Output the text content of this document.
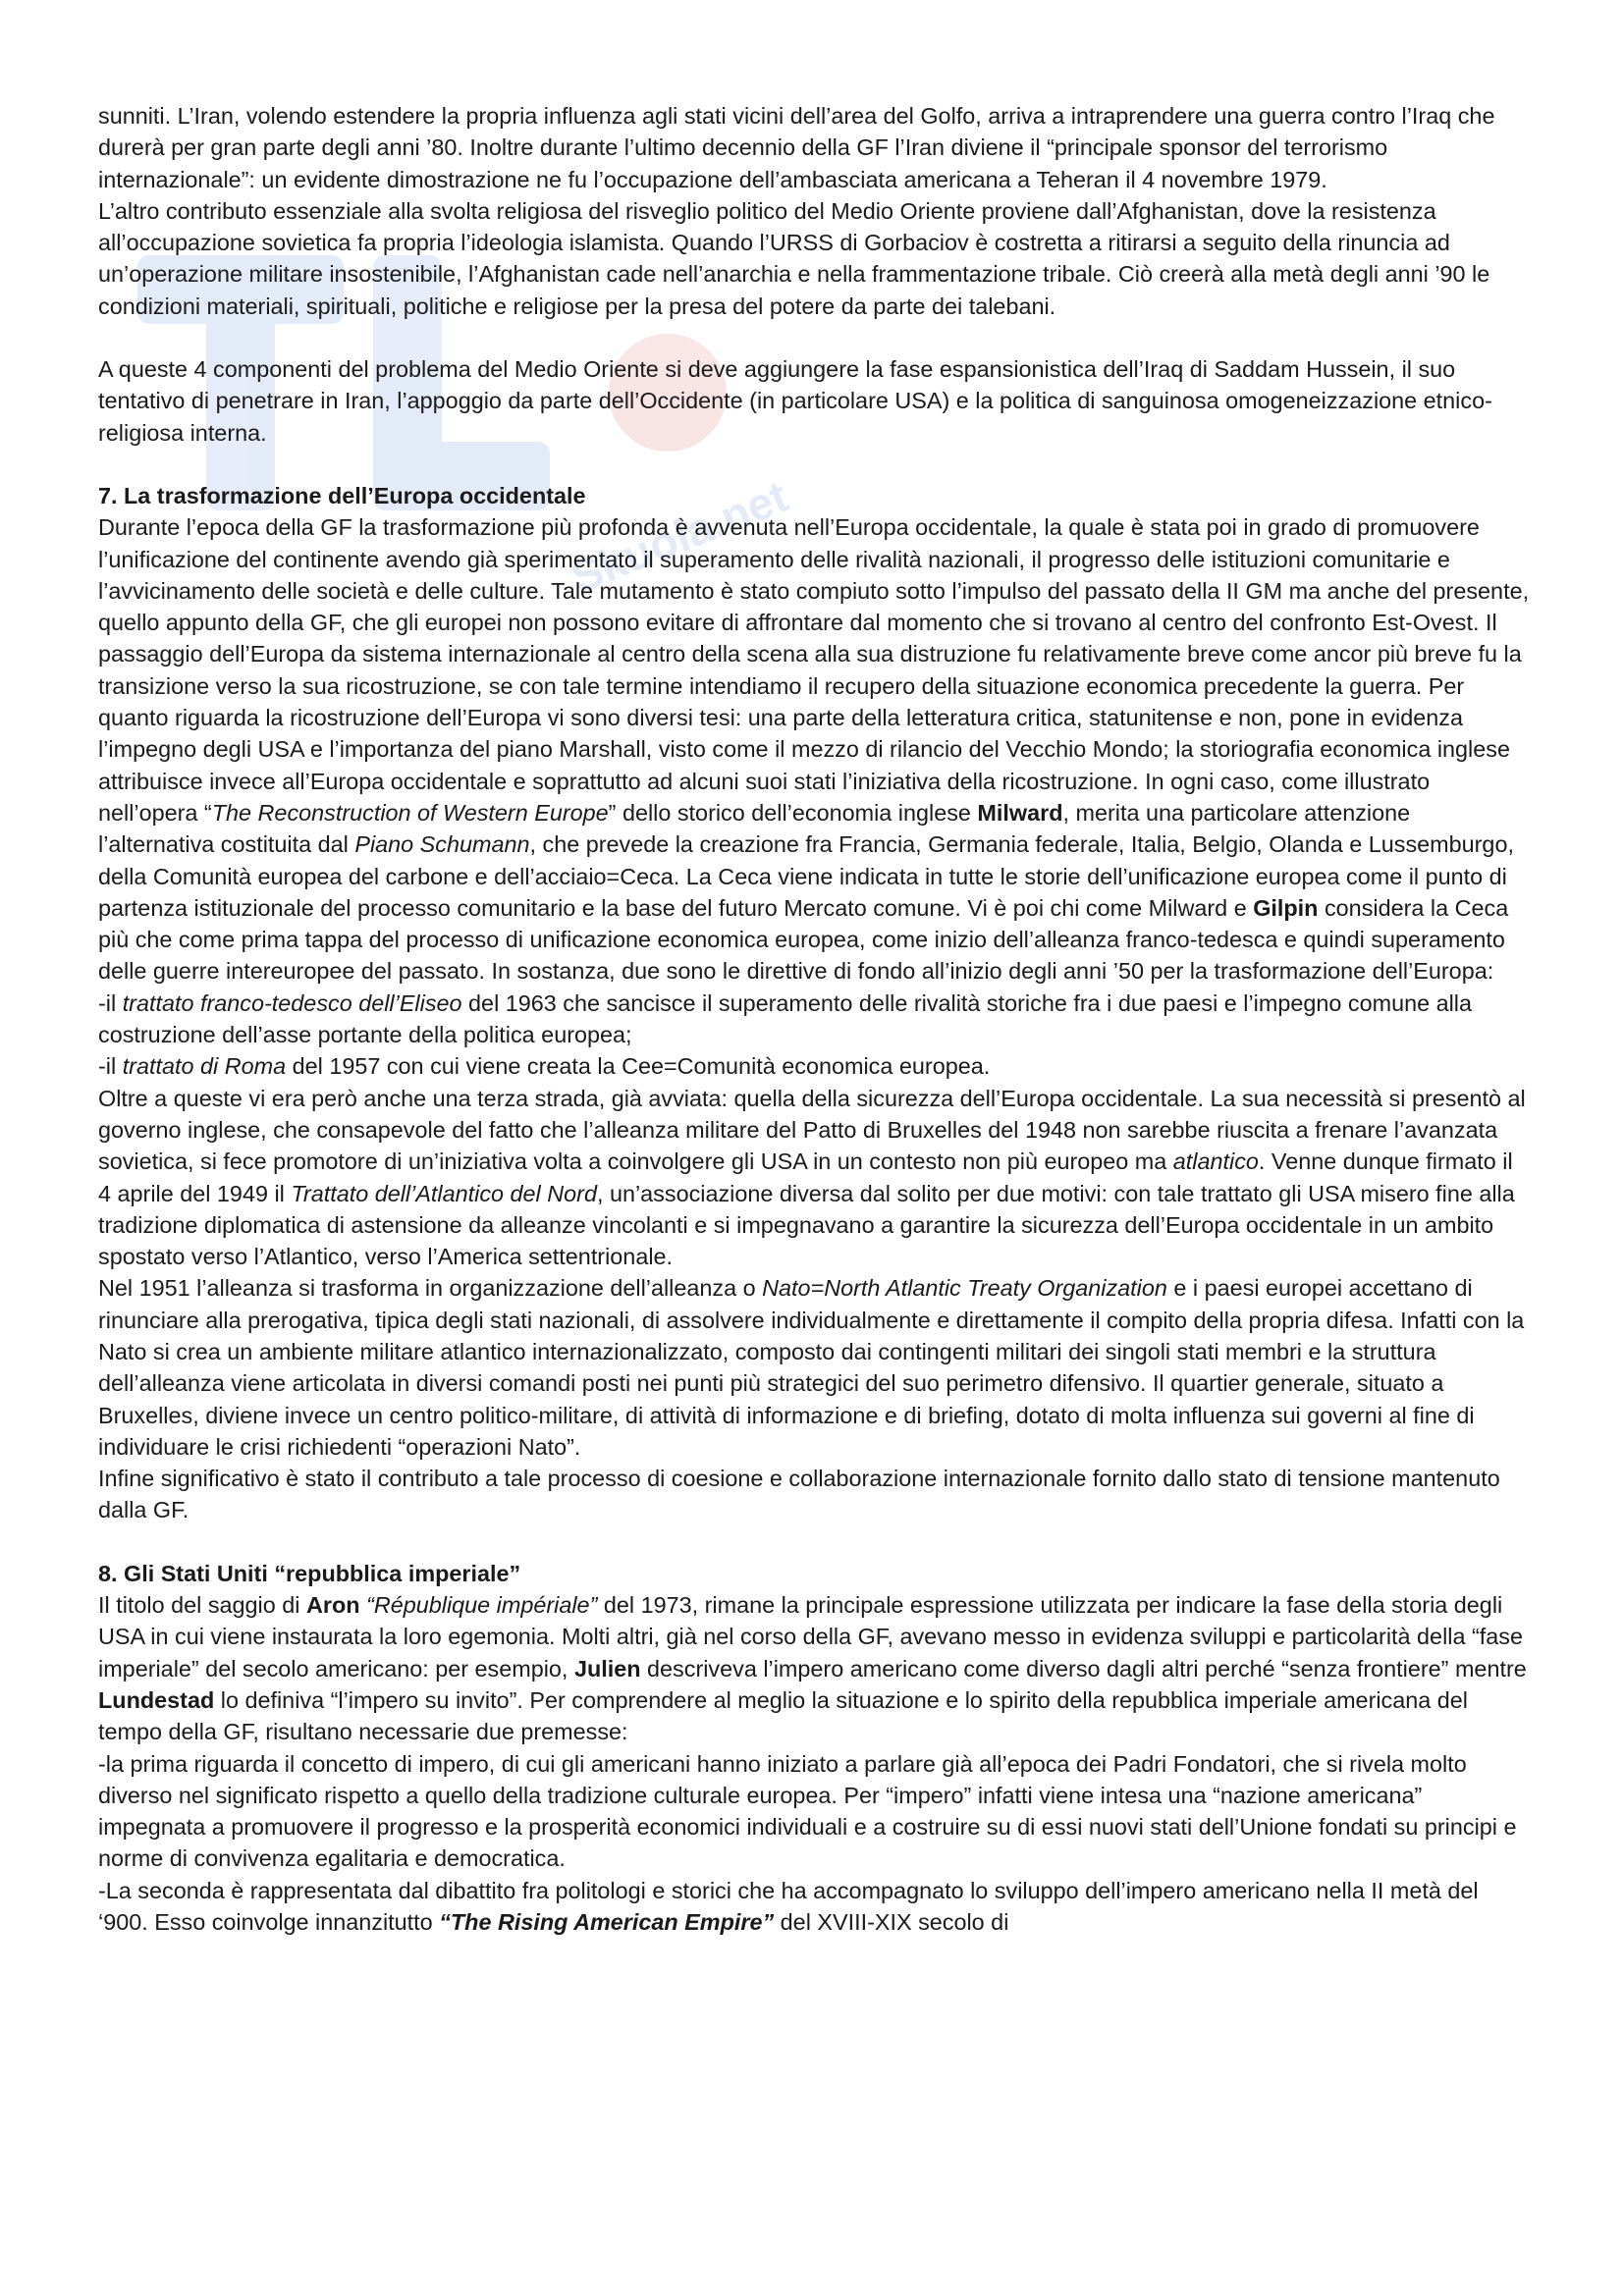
Skuola.net

sunniti. L’Iran, volendo estendere la propria influenza agli stati vicini dell’area del Golfo, arriva a intraprendere una guerra contro l’Iraq che durerà per gran parte degli anni ’80. Inoltre durante l’ultimo decennio della GF l’Iran diviene il “principale sponsor del terrorismo internazionale”: un evidente dimostrazione ne fu l’occupazione dell’ambasciata americana a Teheran il 4 novembre 1979.

L’altro contributo essenziale alla svolta religiosa del risveglio politico del Medio Oriente proviene dall’Afghanistan, dove la resistenza all’occupazione sovietica fa propria l’ideologia islamista. Quando l’URSS di Gorbaciov è costretta a ritirarsi a seguito della rinuncia ad un’operazione militare insostenibile, l’Afghanistan cade nell’anarchia e nella frammentazione tribale. Ciò creerà alla metà degli anni ’90 le condizioni materiali, spirituali, politiche e religiose per la presa del potere da parte dei talebani.

A queste 4 componenti del problema del Medio Oriente si deve aggiungere la fase espansionistica dell’Iraq di Saddam Hussein, il suo tentativo di penetrare in Iran, l’appoggio da parte dell’Occidente (in particolare USA) e la politica di sanguinosa omogeneizzazione etnico-religiosa interna.

7. La trasformazione dell’Europa occidentale

Durante l’epoca della GF la trasformazione più profonda è avvenuta nell’Europa occidentale, la quale è stata poi in grado di promuovere l’unificazione del continente avendo già sperimentato il superamento delle rivalità nazionali, il progresso delle istituzioni comunitarie e l’avvicinamento delle società e delle culture. Tale mutamento è stato compiuto sotto l’impulso del passato della II GM ma anche del presente, quello appunto della GF, che gli europei non possono evitare di affrontare dal momento che si trovano al centro del confronto Est-Ovest. Il passaggio dell’Europa da sistema internazionale al centro della scena alla sua distruzione fu relativamente breve come ancor più breve fu la transizione verso la sua ricostruzione, se con tale termine intendiamo il recupero della situazione economica precedente la guerra. Per quanto riguarda la ricostruzione dell’Europa vi sono diversi tesi: una parte della letteratura critica, statunitense e non, pone in evidenza l’impegno degli USA e l’importanza del piano Marshall, visto come il mezzo di rilancio del Vecchio Mondo; la storiografia economica inglese attribuisce invece all’Europa occidentale e soprattutto ad alcuni suoi stati l’iniziativa della ricostruzione. In ogni caso, come illustrato nell’opera “The Reconstruction of Western Europe” dello storico dell’economia inglese Milward, merita una particolare attenzione l’alternativa costituita dal Piano Schumann, che prevede la creazione fra Francia, Germania federale, Italia, Belgio, Olanda e Lussemburgo, della Comunità europea del carbone e dell’acciaio=Ceca. La Ceca viene indicata in tutte le storie dell’unificazione europea come il punto di partenza istituzionale del processo comunitario e la base del futuro Mercato comune. Vi è poi chi come Milward e Gilpin considera la Ceca più che come prima tappa del processo di unificazione economica europea, come inizio dell’alleanza franco-tedesca e quindi superamento delle guerre intereuropee del passato. In sostanza, due sono le direttive di fondo all’inizio degli anni ’50 per la trasformazione dell’Europa:

-il trattato franco-tedesco dell’Eliseo del 1963 che sancisce il superamento delle rivalità storiche fra i due paesi e l’impegno comune alla costruzione dell’asse portante della politica europea;

-il trattato di Roma del 1957 con cui viene creata la Cee=Comunità economica europea.

Oltre a queste vi era però anche una terza strada, già avviata: quella della sicurezza dell’Europa occidentale. La sua necessità si presentò al governo inglese, che consapevole del fatto che l’alleanza militare del Patto di Bruxelles del 1948 non sarebbe riuscita a frenare l’avanzata sovietica, si fece promotore di un’iniziativa volta a coinvolgere gli USA in un contesto non più europeo ma atlantico. Venne dunque firmato il 4 aprile del 1949 il Trattato dell’Atlantico del Nord, un’associazione diversa dal solito per due motivi: con tale trattato gli USA misero fine alla tradizione diplomatica di astensione da alleanze vincolanti e si impegnavano a garantire la sicurezza dell’Europa occidentale in un ambito spostato verso l’Atlantico, verso l’America settentrionale.

Nel 1951 l’alleanza si trasforma in organizzazione dell’alleanza o Nato=North Atlantic Treaty Organization e i paesi europei accettano di rinunciare alla prerogativa, tipica degli stati nazionali, di assolvere individualmente e direttamente il compito della propria difesa. Infatti con la Nato si crea un ambiente militare atlantico internazionalizzato, composto dai contingenti militari dei singoli stati membri e la struttura dell’alleanza viene articolata in diversi comandi posti nei punti più strategici del suo perimetro difensivo. Il quartier generale, situato a Bruxelles, diviene invece un centro politico-militare, di attività di informazione e di briefing, dotato di molta influenza sui governi al fine di individuare le crisi richiedenti “operazioni Nato”.

Infine significativo è stato il contributo a tale processo di coesione e collaborazione internazionale fornito dallo stato di tensione mantenuto dalla GF.

8. Gli Stati Uniti “repubblica imperiale”

Il titolo del saggio di Aron “République impériale” del 1973, rimane la principale espressione utilizzata per indicare la fase della storia degli USA in cui viene instaurata la loro egemonia. Molti altri, già nel corso della GF, avevano messo in evidenza sviluppi e particolarità della “fase imperiale” del secolo americano: per esempio, Julien descriveva l’impero americano come diverso dagli altri perché “senza frontiere” mentre Lundestad lo definiva “l’impero su invito”. Per comprendere al meglio la situazione e lo spirito della repubblica imperiale americana del tempo della GF, risultano necessarie due premesse:

-la prima riguarda il concetto di impero, di cui gli americani hanno iniziato a parlare già all’epoca dei Padri Fondatori, che si rivela molto diverso nel significato rispetto a quello della tradizione culturale europea. Per “impero” infatti viene intesa una “nazione americana” impegnata a promuovere il progresso e la prosperità economici individuali e a costruire su di essi nuovi stati dell’Unione fondati su principi e norme di convivenza egalitaria e democratica.

-La seconda è rappresentata dal dibattito fra politologi e storici che ha accompagnato lo sviluppo dell’impero americano nella II metà del ‘900. Esso coinvolge innanzitutto “The Rising American Empire” del XVIII-XIX secolo di
